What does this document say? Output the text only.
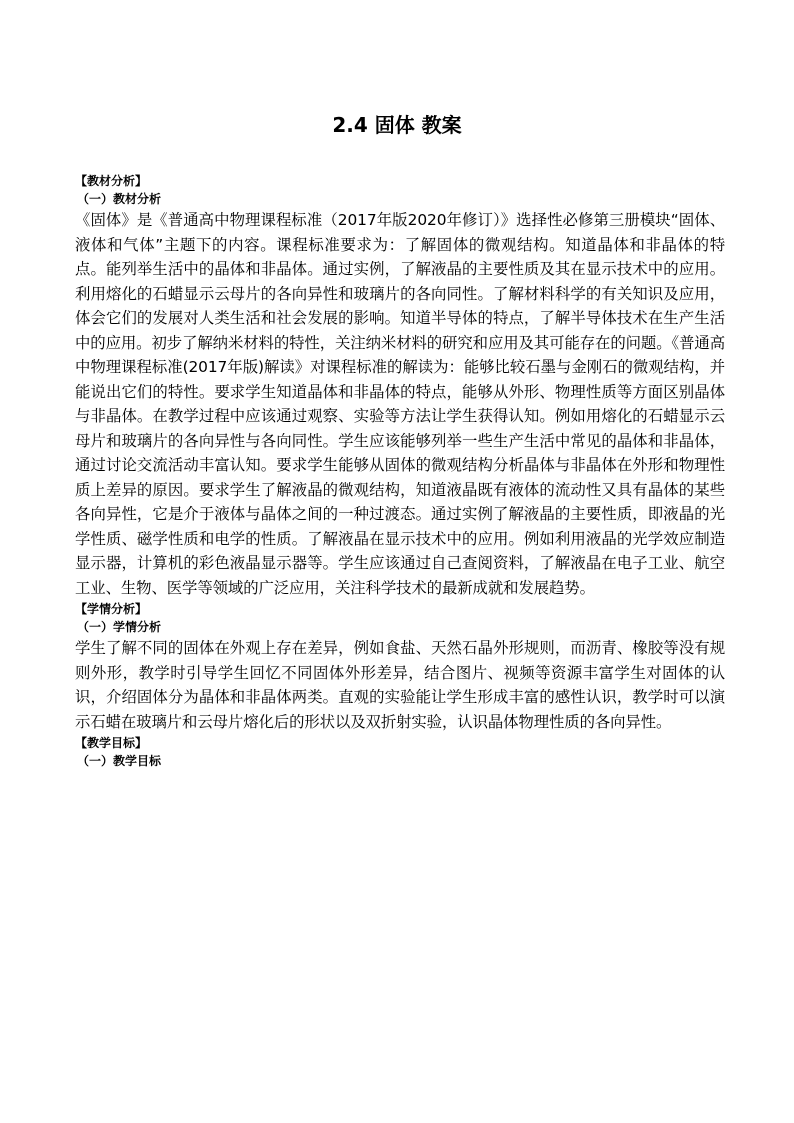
2.4 固体 教案

【教材分析】

（一）教材分析

《固体》是《普通高中物理课程标准（2017年版2020年修订）》选择性必修第三册模块“固体、液体和气体”主题下的内容。课程标准要求为：了解固体的微观结构。知道晶体和非晶体的特点。能列举生活中的晶体和非晶体。通过实例，了解液晶的主要性质及其在显示技术中的应用。利用熔化的石蜡显示云母片的各向异性和玻璃片的各向同性。了解材料科学的有关知识及应用，体会它们的发展对人类生活和社会发展的影响。知道半导体的特点，了解半导体技术在生产生活中的应用。初步了解纳米材料的特性，关注纳米材料的研究和应用及其可能存在的问题。《普通高中物理课程标准(2017年版)解读》对课程标准的解读为：能够比较石墨与金刚石的微观结构，并能说出它们的特性。要求学生知道晶体和非晶体的特点，能够从外形、物理性质等方面区别晶体与非晶体。在教学过程中应该通过观察、实验等方法让学生获得认知。例如用熔化的石蜡显示云母片和玻璃片的各向异性与各向同性。学生应该能够列举一些生产生活中常见的晶体和非晶体，通过讨论交流活动丰富认知。要求学生能够从固体的微观结构分析晶体与非晶体在外形和物理性质上差异的原因。要求学生了解液晶的微观结构，知道液晶既有液体的流动性又具有晶体的某些各向异性，它是介于液体与晶体之间的一种过渡态。通过实例了解液晶的主要性质，即液晶的光学性质、磁学性质和电学的性质。了解液晶在显示技术中的应用。例如利用液晶的光学效应制造显示器，计算机的彩色液晶显示器等。学生应该通过自己查阅资料，了解液晶在电子工业、航空工业、生物、医学等领域的广泛应用，关注科学技术的最新成就和发展趋势。

【学情分析】

（一）学情分析

学生了解不同的固体在外观上存在差异，例如食盐、天然石晶外形规则，而沥青、橡胶等没有规则外形，教学时引导学生回忆不同固体外形差异，结合图片、视频等资源丰富学生对固体的认识，介绍固体分为晶体和非晶体两类。直观的实验能让学生形成丰富的感性认识，教学时可以演示石蜡在玻璃片和云母片熔化后的形状以及双折射实验，认识晶体物理性质的各向异性。

【教学目标】

（一）教学目标
